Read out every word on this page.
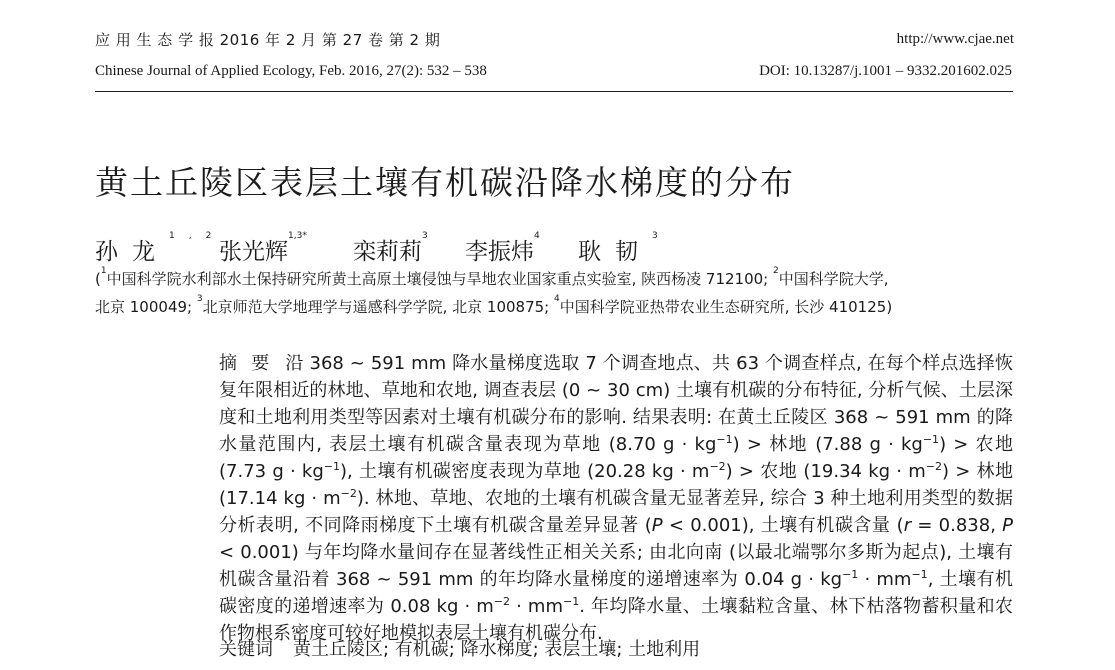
应 用 生 态 学 报 2016 年 2 月 第 27 卷 第 2 期	http://www.cjae.net
Chinese Journal of Applied Ecology, Feb. 2016, 27(2): 532 – 538	DOI: 10.13287/j.1001 – 9332.201602.025
黄土丘陵区表层土壤有机碳沿降水梯度的分布
孙龙$^{1,2}$
张光辉$^{1,3*}$
栾莉莉$^3$
李振炜$^4$
耿韧$^3$
($^1$中国科学院水利部水土保持研究所黄土高原土壤侵蚀与旱地农业国家重点实验室, 陕西杨凌 712100; $^2$中国科学院大学,
北京 100049; $^3$北京师范大学地理学与遥感科学学院, 北京 100875; $^4$中国科学院亚热带农业生态研究所, 长沙 410125)
摘要 沿 368 ~ 591 mm 降水量梯度选取 7 个调查地点、共 63 个调查样点, 在每个样点选择恢复年限相近的林地、草地和农地, 调查表层 (0 ~ 30 cm) 土壤有机碳的分布特征, 分析气候、土层深度和土地利用类型等因素对土壤有机碳分布的影响. 结果表明: 在黄土丘陵区 368 ~ 591 mm 的降水量范围内, 表层土壤有机碳含量表现为草地 (8.70 $g \cdot kg^{-1}$) > 林地 (7.88 $g \cdot kg^{-1}$) > 农地 (7.73 $g \cdot kg^{-1}$), 土壤有机碳密度表现为草地 (20.28 kg · $m^{-2}$) > 农地 (19.34 kg · $m^{-2}$) > 林地 (17.14 kg · $m^{-2}$). 林地、草地、农地的土壤有机碳含量无显著差异, 综合 3 种土地利用类型的数据分析表明, 不同降雨梯度下土壤有机碳含量差异显著 (P < 0.001), 土壤有机碳含量 (r = 0.838, P < 0.001) 与年均降水量间存在显著线性正相关关系; 由北向南 (以最北端鄂尔多斯为起点), 土壤有机碳含量沿着 368 ~ 591 mm 的年均降水量梯度的递增速率为 0.04 $g \cdot kg^{-1} \cdot mm^{-1}$, 土壤有机碳密度的递增速率为 0.08 kg · $m^{-2} \cdot mm^{-1}$. 年均降水量、土壤黏粒含量、林下枯落物蓄积量和农作物根系密度可较好地模拟表层土壤有机碳分布.
关键词 黄土丘陵区; 有机碳; 降水梯度; 表层土壤; 土地利用
